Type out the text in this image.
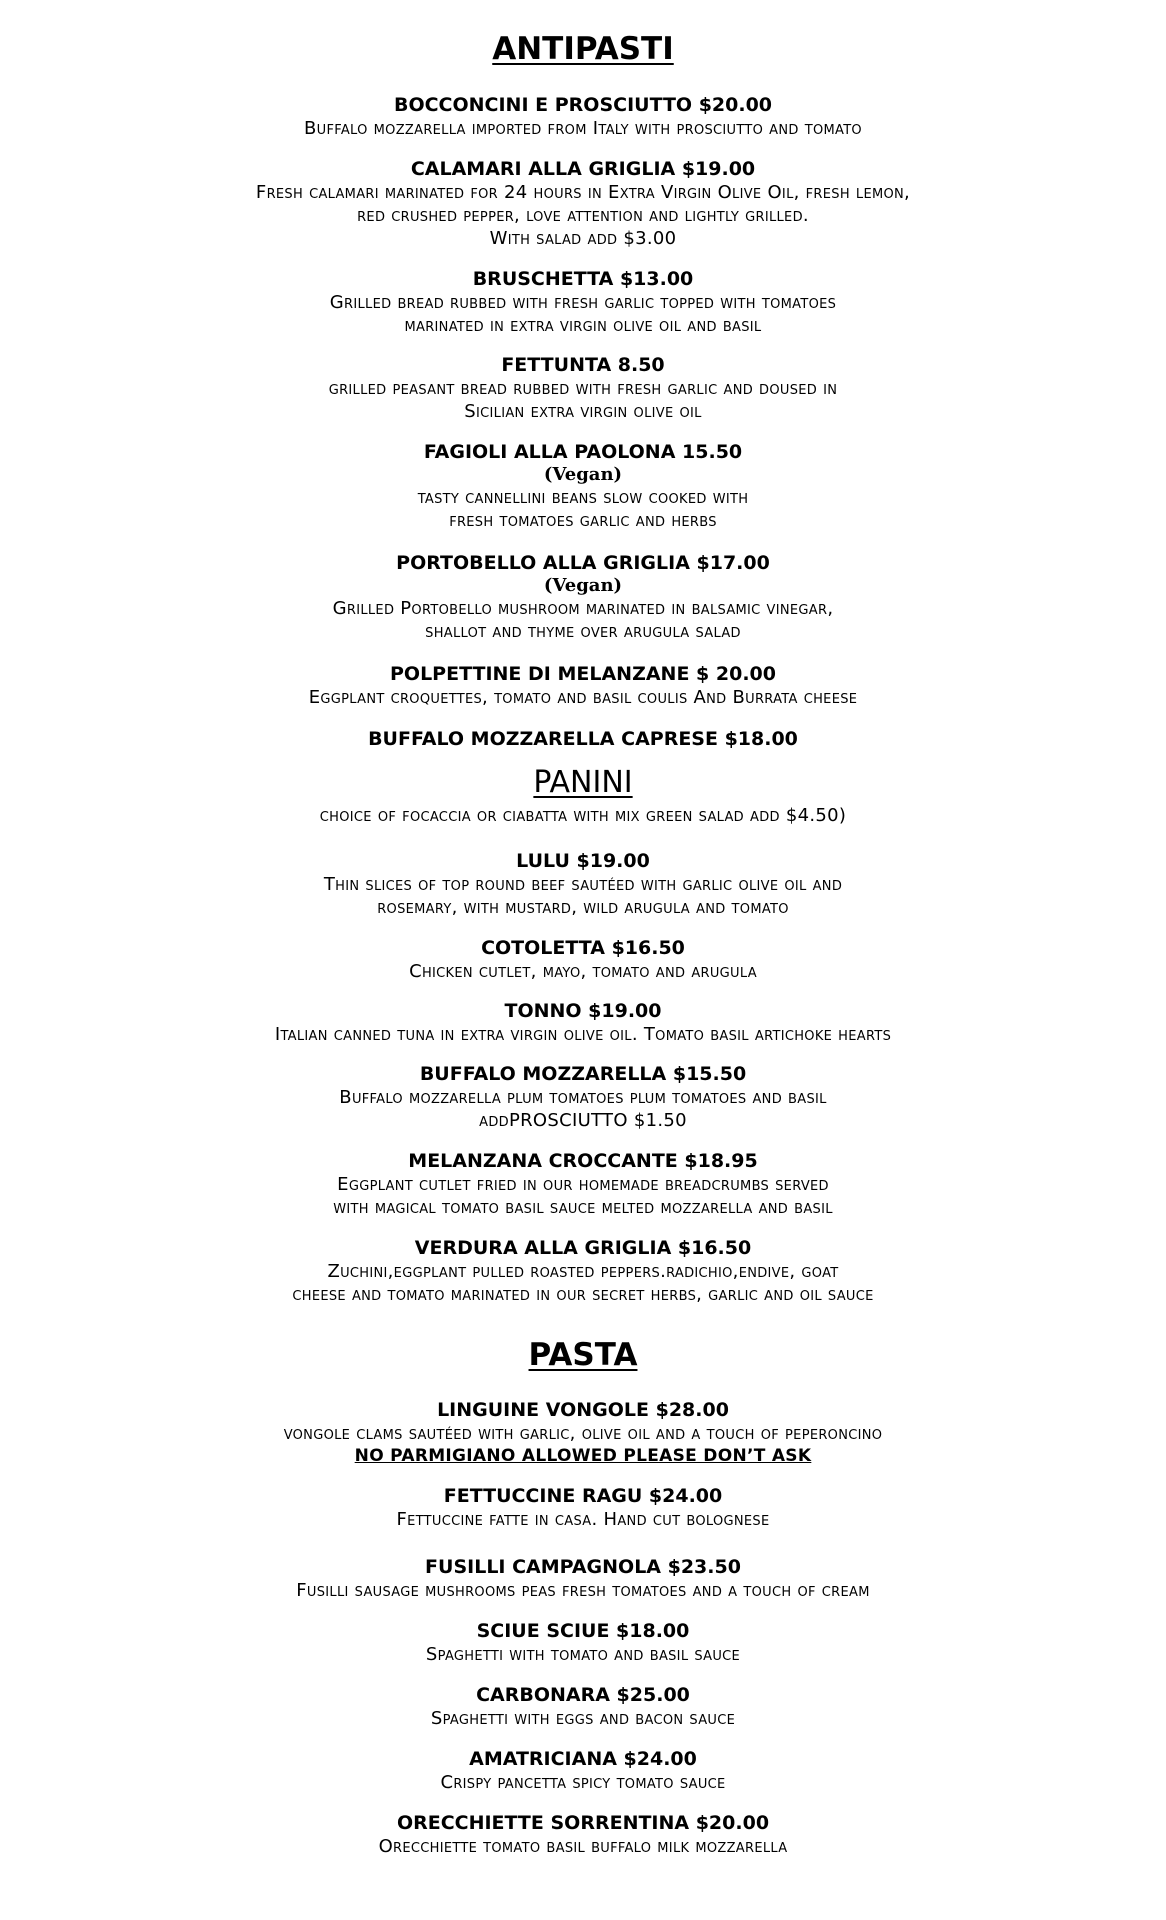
ANTIPASTI
BOCCONCINI E PROSCIUTTO $20.00
Buffalo mozzarella imported from Italy with prosciutto and tomato
CALAMARI ALLA GRIGLIA $19.00
Fresh calamari marinated for 24 hours in Extra Virgin Olive Oil, fresh lemon,
red crushed pepper, love attention and lightly grilled.
With salad add $3.00
BRUSCHETTA $13.00
Grilled bread rubbed with fresh garlic topped with tomatoes
marinated in extra virgin olive oil and basil
FETTUNTA 8.50
grilled peasant bread rubbed with fresh garlic and doused in
Sicilian extra virgin olive oil
FAGIOLI ALLA PAOLONA 15.50
(Vegan)
tasty cannellini beans slow cooked with
fresh tomatoes garlic and herbs
PORTOBELLO ALLA GRIGLIA $17.00
(Vegan)
Grilled Portobello mushroom marinated in balsamic vinegar,
shallot and thyme over arugula salad
POLPETTINE DI MELANZANE $ 20.00
Eggplant croquettes, tomato and basil coulis And Burrata cheese
BUFFALO MOZZARELLA CAPRESE $18.00
PANINI
choice of focaccia or ciabatta with mix green salad add $4.50)
LULU $19.00
Thin slices of top round beef sautéed with garlic olive oil and
rosemary, with mustard, wild arugula and tomato
COTOLETTA $16.50
Chicken cutlet, mayo, tomato and arugula
TONNO $19.00
Italian canned tuna in extra virgin olive oil. Tomato basil artichoke hearts
BUFFALO MOZZARELLA $15.50
Buffalo mozzarella plum tomatoes plum tomatoes and basil
addPROSCIUTTO $1.50
MELANZANA CROCCANTE $18.95
Eggplant cutlet fried in our homemade breadcrumbs served
with magical tomato basil sauce melted mozzarella and basil
VERDURA ALLA GRIGLIA $16.50
Zuchini,eggplant pulled roasted peppers.radichio,endive, goat
cheese and tomato marinated in our secret herbs, garlic and oil sauce
PASTA
LINGUINE VONGOLE $28.00
vongole clams sautéed with garlic, olive oil and a touch of peperoncino
NO PARMIGIANO ALLOWED PLEASE DON’T ASK
FETTUCCINE RAGU $24.00
Fettuccine fatte in casa. Hand cut bolognese
FUSILLI CAMPAGNOLA $23.50
Fusilli sausage mushrooms peas fresh tomatoes and a touch of cream
SCIUE SCIUE $18.00
Spaghetti with tomato and basil sauce
CARBONARA $25.00
Spaghetti with eggs and bacon sauce
AMATRICIANA $24.00
Crispy pancetta spicy tomato sauce
ORECCHIETTE SORRENTINA $20.00
Orecchiette tomato basil buffalo milk mozzarella
